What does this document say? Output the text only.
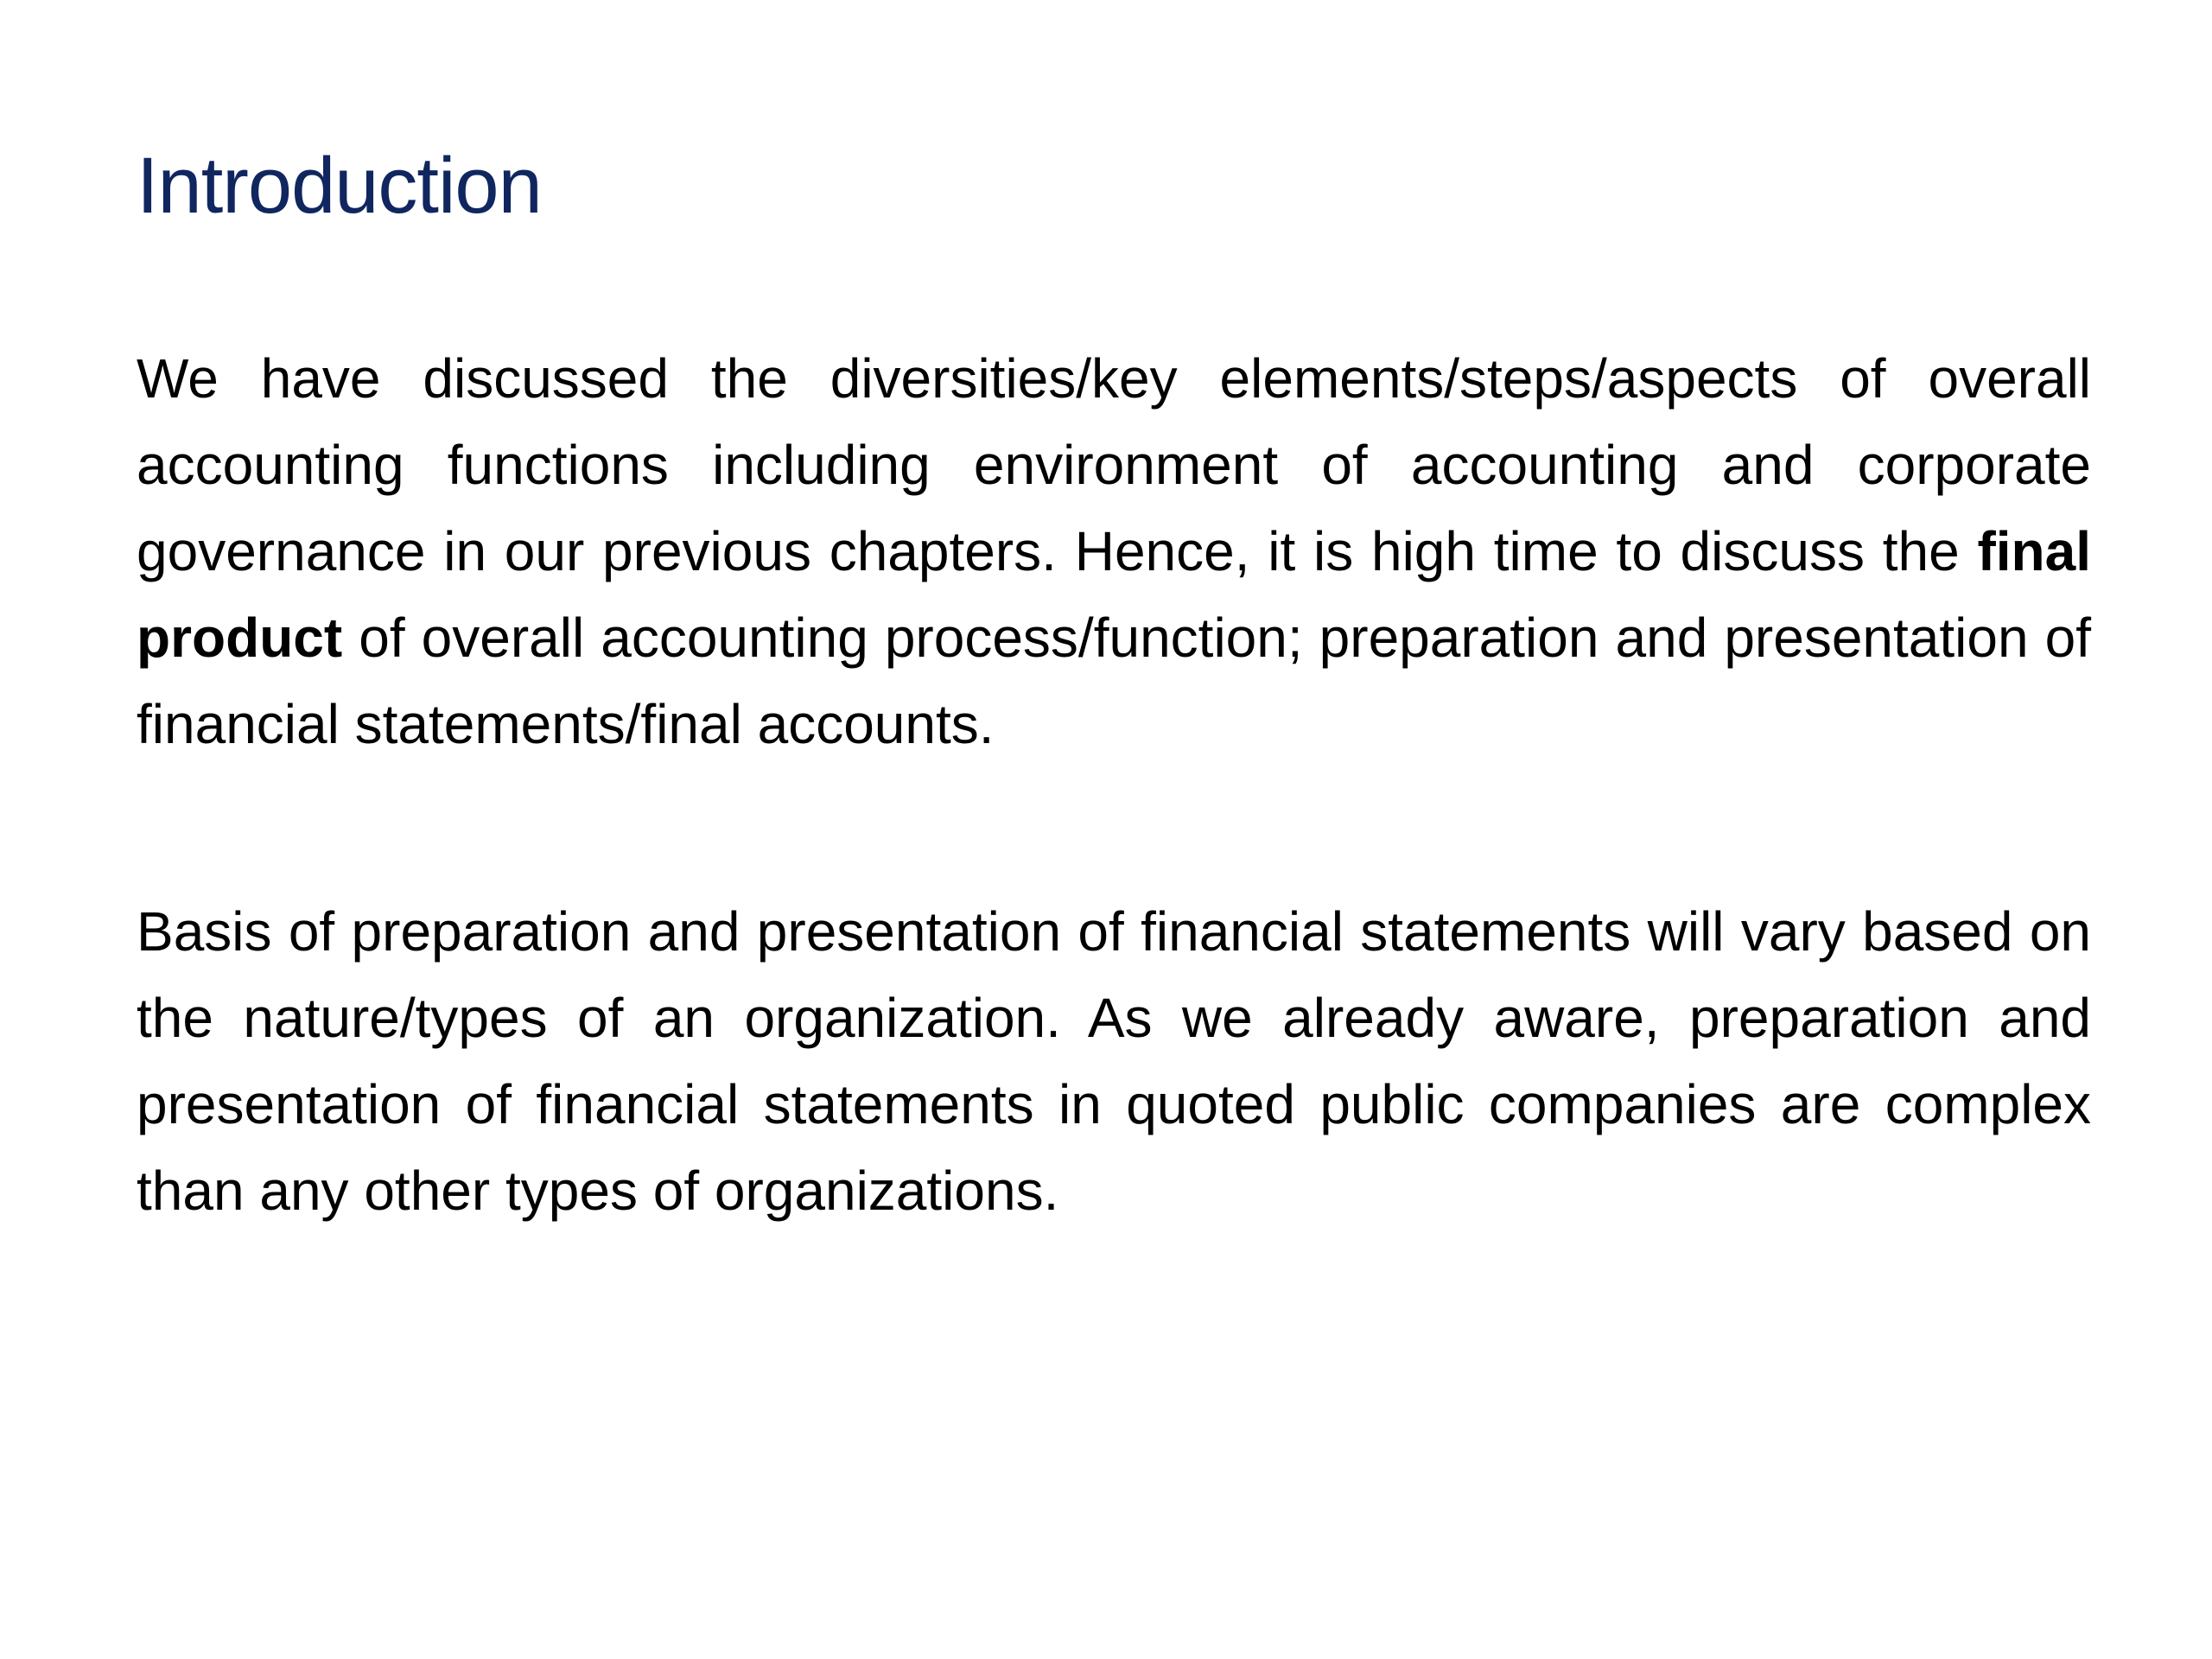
Introduction

We have discussed the diversities/key elements/steps/aspects of overall accounting functions including environment of accounting and corporate governance in our previous chapters. Hence, it is high time to discuss the final product of overall accounting process/function; preparation and presentation of financial statements/final accounts.

Basis of preparation and presentation of financial statements will vary based on the nature/types of an organization. As we already aware, preparation and presentation of financial statements in quoted public companies are complex than any other types of organizations.
